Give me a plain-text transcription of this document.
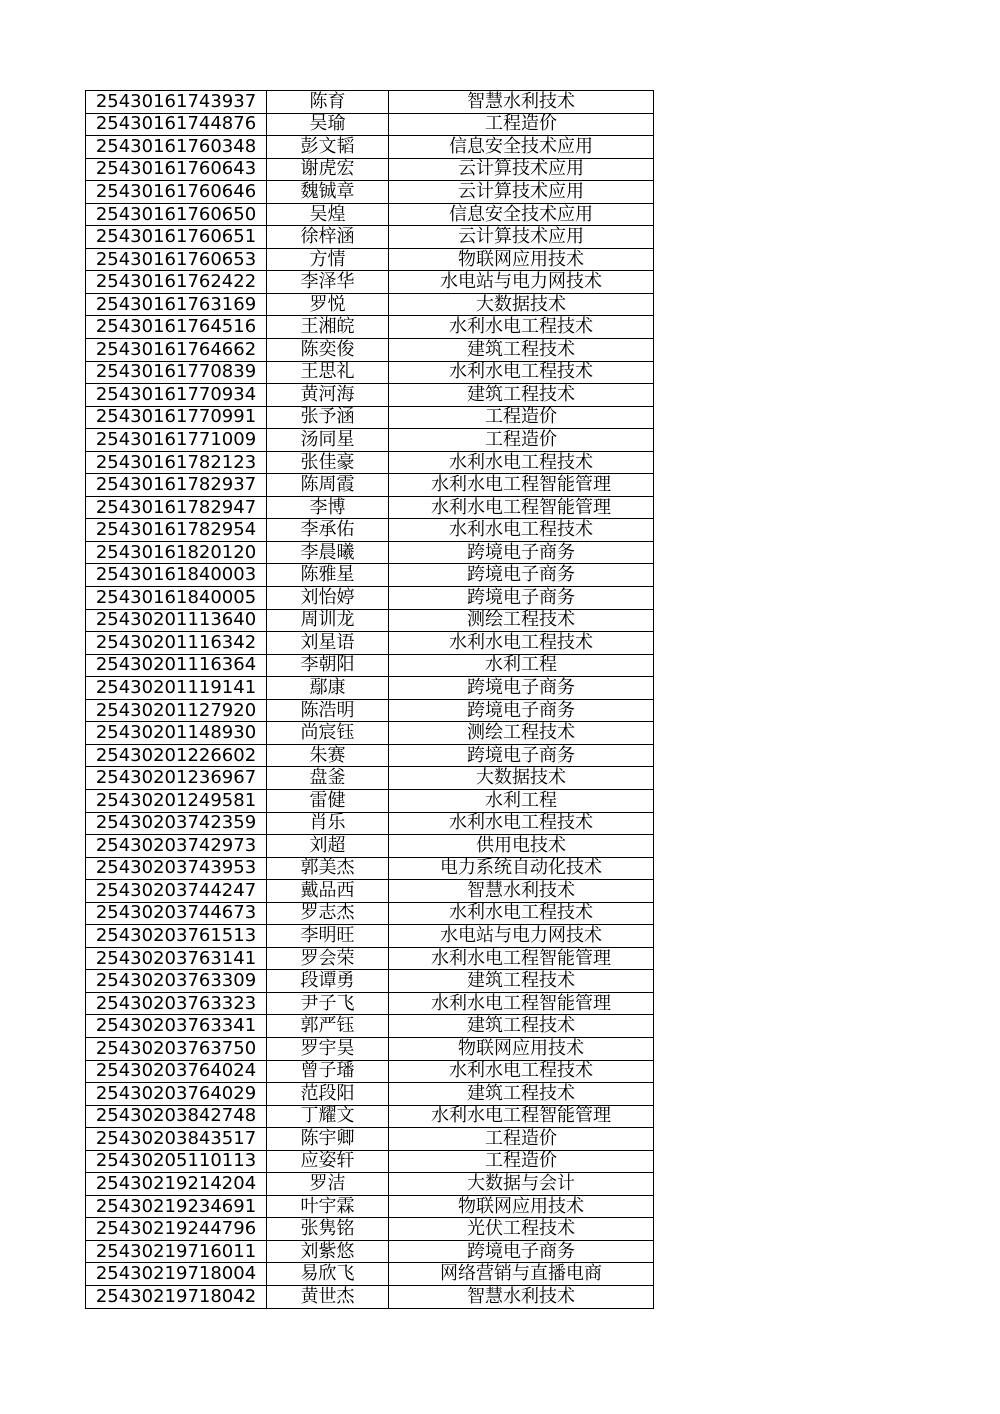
25430161743937	陈育	智慧水利技术
25430161744876	吴瑜	工程造价
25430161760348	彭文韬	信息安全技术应用
25430161760643	谢虎宏	云计算技术应用
25430161760646	魏铖章	云计算技术应用
25430161760650	吴煌	信息安全技术应用
25430161760651	徐梓涵	云计算技术应用
25430161760653	方情	物联网应用技术
25430161762422	李泽华	水电站与电力网技术
25430161763169	罗悦	大数据技术
25430161764516	王湘皖	水利水电工程技术
25430161764662	陈奕俊	建筑工程技术
25430161770839	王思礼	水利水电工程技术
25430161770934	黄河海	建筑工程技术
25430161770991	张予涵	工程造价
25430161771009	汤同星	工程造价
25430161782123	张佳豪	水利水电工程技术
25430161782937	陈周霞	水利水电工程智能管理
25430161782947	李博	水利水电工程智能管理
25430161782954	李承佑	水利水电工程技术
25430161820120	李晨曦	跨境电子商务
25430161840003	陈雅星	跨境电子商务
25430161840005	刘怡婷	跨境电子商务
25430201113640	周训龙	测绘工程技术
25430201116342	刘星语	水利水电工程技术
25430201116364	李朝阳	水利工程
25430201119141	鄢康	跨境电子商务
25430201127920	陈浩明	跨境电子商务
25430201148930	尚宸钰	测绘工程技术
25430201226602	朱赛	跨境电子商务
25430201236967	盘釜	大数据技术
25430201249581	雷健	水利工程
25430203742359	肖乐	水利水电工程技术
25430203742973	刘超	供用电技术
25430203743953	郭美杰	电力系统自动化技术
25430203744247	戴品西	智慧水利技术
25430203744673	罗志杰	水利水电工程技术
25430203761513	李明旺	水电站与电力网技术
25430203763141	罗会荣	水利水电工程智能管理
25430203763309	段谭勇	建筑工程技术
25430203763323	尹子飞	水利水电工程智能管理
25430203763341	郭严钰	建筑工程技术
25430203763750	罗宇昊	物联网应用技术
25430203764024	曾子璠	水利水电工程技术
25430203764029	范段阳	建筑工程技术
25430203842748	丁耀文	水利水电工程智能管理
25430203843517	陈宇卿	工程造价
25430205110113	应姿轩	工程造价
25430219214204	罗洁	大数据与会计
25430219234691	叶宇霖	物联网应用技术
25430219244796	张隽铭	光伏工程技术
25430219716011	刘紫悠	跨境电子商务
25430219718004	易欣飞	网络营销与直播电商
25430219718042	黄世杰	智慧水利技术
